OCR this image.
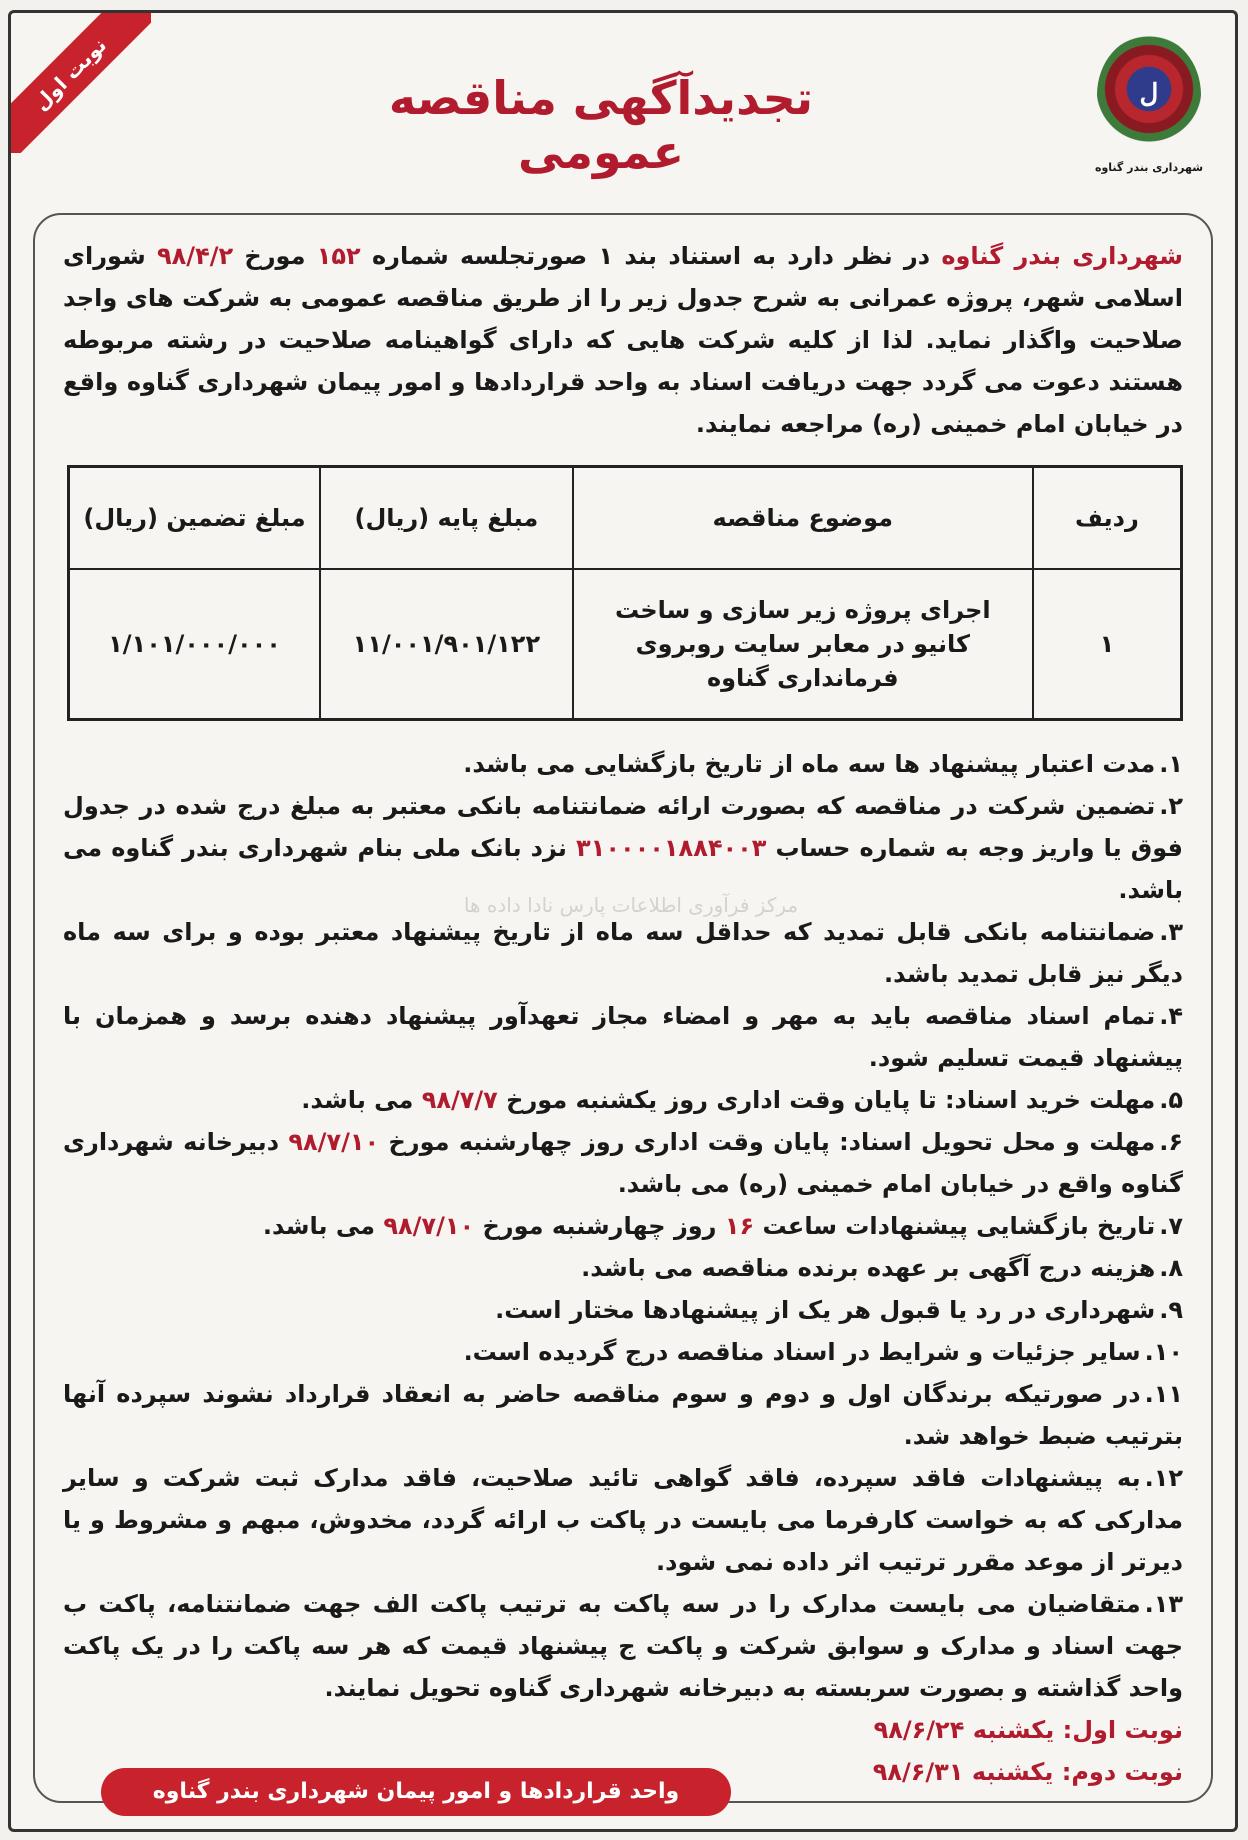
نوبت اول	تجدیدآگهی مناقصه عمومی
ل
شهرداری بندر گناوه

شهرداری بندر گناوه در نظر دارد به استناد بند ۱ صورتجلسه شماره ۱۵۲ مورخ ۹۸/۴/۲ شورای اسلامی شهر، پروژه عمرانی به شرح جدول زیر را از طریق مناقصه عمومی به شرکت های واجد صلاحیت واگذار نماید. لذا از کلیه شرکت هایی که دارای گواهینامه صلاحیت در رشته مربوطه هستند دعوت می گردد جهت دریافت اسناد به واحد قراردادها و امور پیمان شهرداری گناوه واقع در خیابان امام خمینی (ره) مراجعه نمایند.

ردیف	موضوع مناقصه	مبلغ پایه (ریال)	مبلغ تضمین (ریال)
۱	اجرای پروژه زیر سازی و ساخت کانیو در معابر سایت روبروی فرمانداری گناوه	۱۱/۰۰۱/۹۰۱/۱۲۲	۱/۱۰۱/۰۰۰/۰۰۰
۱.مدت اعتبار پیشنهاد ها سه ماه از تاریخ بازگشایی می باشد.
۲.تضمین شرکت در مناقصه که بصورت ارائه ضمانتنامه بانکی معتبر به مبلغ درج شده در جدول فوق یا واریز وجه به شماره حساب ۳۱۰۰۰۰۱۸۸۴۰۰۳ نزد بانک ملی بنام شهرداری بندر گناوه می باشد.
۳.ضمانتنامه بانکی قابل تمدید که حداقل سه ماه از تاریخ پیشنهاد معتبر بوده و برای سه ماه دیگر نیز قابل تمدید باشد.
۴.تمام اسناد مناقصه باید به مهر و امضاء مجاز تعهدآور پیشنهاد دهنده برسد و همزمان با پیشنهاد قیمت تسلیم شود.
۵.مهلت خرید اسناد: تا پایان وقت اداری روز یکشنبه مورخ ۹۸/۷/۷ می باشد.
۶.مهلت و محل تحویل اسناد: پایان وقت اداری روز چهارشنبه مورخ ۹۸/۷/۱۰ دبیرخانه شهرداری گناوه واقع در خیابان امام خمینی (ره) می باشد.
۷.تاریخ بازگشایی پیشنهادات ساعت ۱۶ روز چهارشنبه مورخ ۹۸/۷/۱۰ می باشد.
۸.هزینه درج آگهی بر عهده برنده مناقصه می باشد.
۹.شهرداری در رد یا قبول هر یک از پیشنهادها مختار است.
۱۰.سایر جزئیات و شرایط در اسناد مناقصه درج گردیده است.
۱۱.در صورتیکه برندگان اول و دوم و سوم مناقصه حاضر به انعقاد قرارداد نشوند سپرده آنها بترتیب ضبط خواهد شد.
۱۲.به پیشنهادات فاقد سپرده، فاقد گواهی تائید صلاحیت، فاقد مدارک ثبت شرکت و سایر مدارکی که به خواست کارفرما می بایست در پاکت ب ارائه گردد، مخدوش، مبهم و مشروط و یا دیرتر از موعد مقرر ترتیب اثر داده نمی شود.
۱۳.متقاضیان می بایست مدارک را در سه پاکت به ترتیب پاکت الف جهت ضمانتنامه، پاکت ب جهت اسناد و مدارک و سوابق شرکت و پاکت ج پیشنهاد قیمت که هر سه پاکت را در یک پاکت واحد گذاشته و بصورت سربسته به دبیرخانه شهرداری گناوه تحویل نمایند.
نوبت اول: یکشنبه ۹۸/۶/۲۴
نوبت دوم: یکشنبه ۹۸/۶/۳۱
مرکز فرآوری اطلاعات پارس نادا داده ها
واحد قراردادها و امور پیمان شهرداری بندر گناوه
